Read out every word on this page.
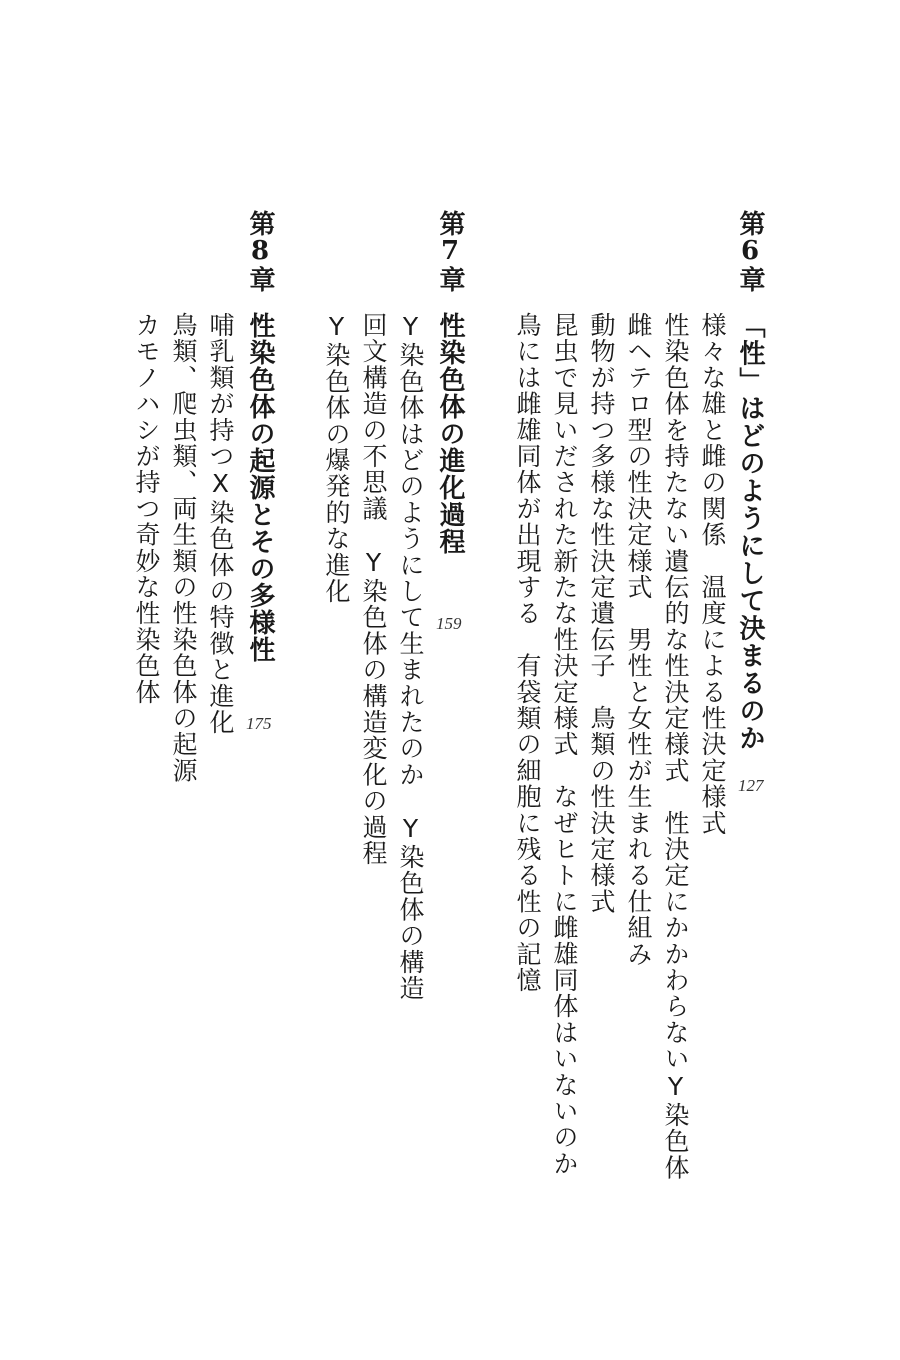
第6章
「性」はどのようにして決まるのか
127
様々な雄と雌の関係　温度による性決定様式
性染色体を持たない遺伝的な性決定様式　性決定にかかわらないY染色体
雌ヘテロ型の性決定様式　男性と女性が生まれる仕組み
動物が持つ多様な性決定遺伝子　鳥類の性決定様式
昆虫で見いだされた新たな性決定様式　なぜヒトに雌雄同体はいないのか
鳥には雌雄同体が出現する　有袋類の細胞に残る性の記憶
第7章
性染色体の進化過程
159
Y染色体はどのようにして生まれたのか　Y染色体の構造
回文構造の不思議　Y染色体の構造変化の過程
Y染色体の爆発的な進化
第8章
性染色体の起源とその多様性
175
哺乳類が持つX染色体の特徴と進化
鳥類、爬虫類、両生類の性染色体の起源
カモノハシが持つ奇妙な性染色体
